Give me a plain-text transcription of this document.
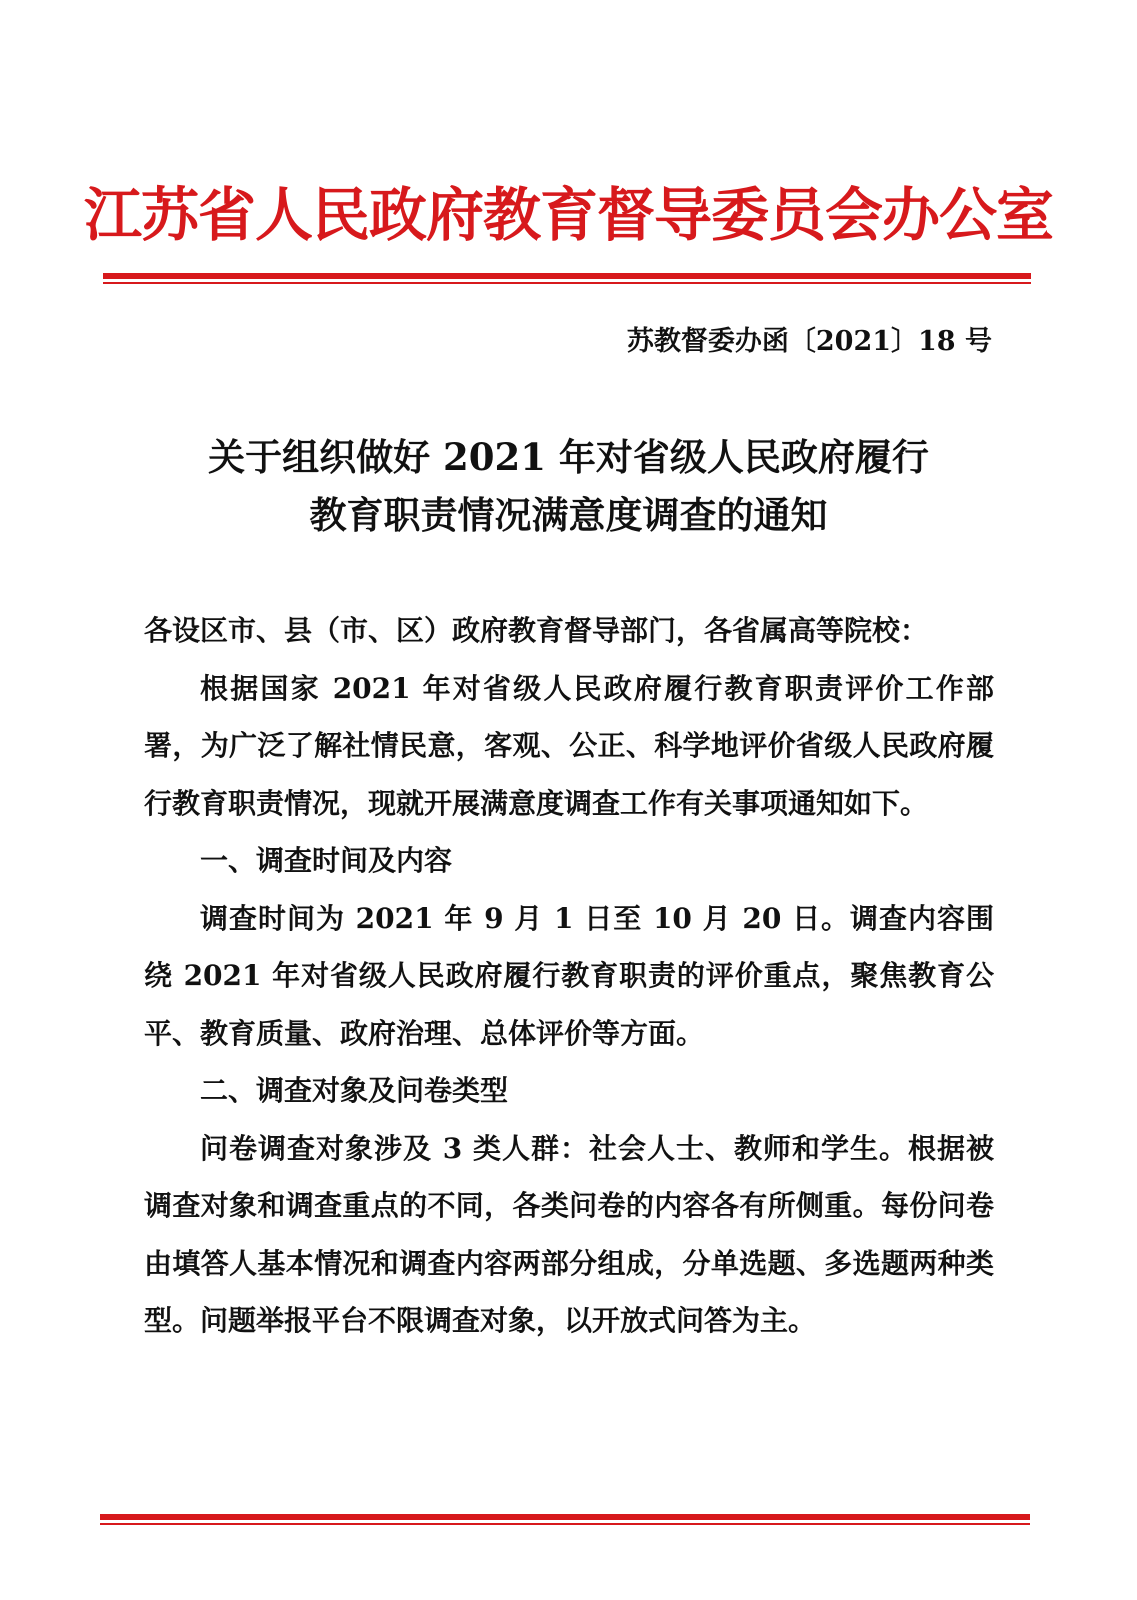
江苏省人民政府教育督导委员会办公室
苏教督委办函〔2021〕18 号
关于组织做好 2021 年对省级人民政府履行
教育职责情况满意度调查的通知

各设区市、县（市、区）政府教育督导部门，各省属高等院校：

根据国家 2021 年对省级人民政府履行教育职责评价工作部署，为广泛了解社情民意，客观、公正、科学地评价省级人民政府履行教育职责情况，现就开展满意度调查工作有关事项通知如下。

一、调查时间及内容

调查时间为 2021 年 9 月 1 日至 10 月 20 日。调查内容围绕 2021 年对省级人民政府履行教育职责的评价重点，聚焦教育公平、教育质量、政府治理、总体评价等方面。

二、调查对象及问卷类型

问卷调查对象涉及 3 类人群：社会人士、教师和学生。根据被调查对象和调查重点的不同，各类问卷的内容各有所侧重。每份问卷由填答人基本情况和调查内容两部分组成，分单选题、多选题两种类型。问题举报平台不限调查对象，以开放式问答为主。
